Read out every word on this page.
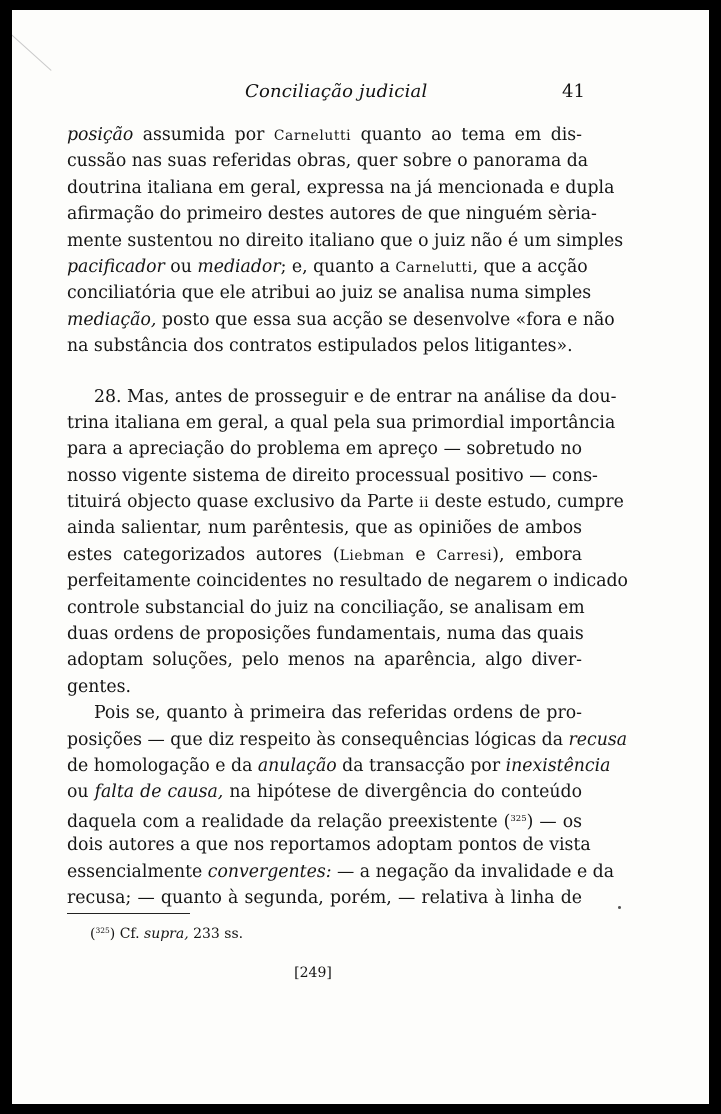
Conciliação judicial	41
posição assumida por Carnelutti quanto ao tema em dis-
cussão nas suas referidas obras, quer sobre o panorama da
doutrina italiana em geral, expressa na já mencionada e dupla
afirmação do primeiro destes autores de que ninguém sèria-
mente sustentou no direito italiano que o juiz não é um simples
pacificador ou mediador; e, quanto a Carnelutti, que a acção
conciliatória que ele atribui ao juiz se analisa numa simples
mediação, posto que essa sua acção se desenvolve «fora e não
na substância dos contratos estipulados pelos litigantes».
28. Mas, antes de prosseguir e de entrar na análise da dou-
trina italiana em geral, a qual pela sua primordial importância
para a apreciação do problema em apreço — sobretudo no
nosso vigente sistema de direito processual positivo — cons-
tituirá objecto quase exclusivo da Parte ii deste estudo, cumpre
ainda salientar, num parêntesis, que as opiniões de ambos
estes categorizados autores (Liebman e Carresi), embora
perfeitamente coincidentes no resultado de negarem o indicado
controle substancial do juiz na conciliação, se analisam em
duas ordens de proposições fundamentais, numa das quais
adoptam soluções, pelo menos na aparência, algo diver-
gentes.
Pois se, quanto à primeira das referidas ordens de pro-
posições — que diz respeito às consequências lógicas da recusa
de homologação e da anulação da transacção por inexistência
ou falta de causa, na hipótese de divergência do conteúdo
daquela com a realidade da relação preexistente ($^{325}$) — os
dois autores a que nos reportamos adoptam pontos de vista
essencialmente convergentes: — a negação da invalidade e da
recusa; — quanto à segunda, porém, — relativa à linha de
($^{325}$) Cf. supra, 233 ss.
[249]
